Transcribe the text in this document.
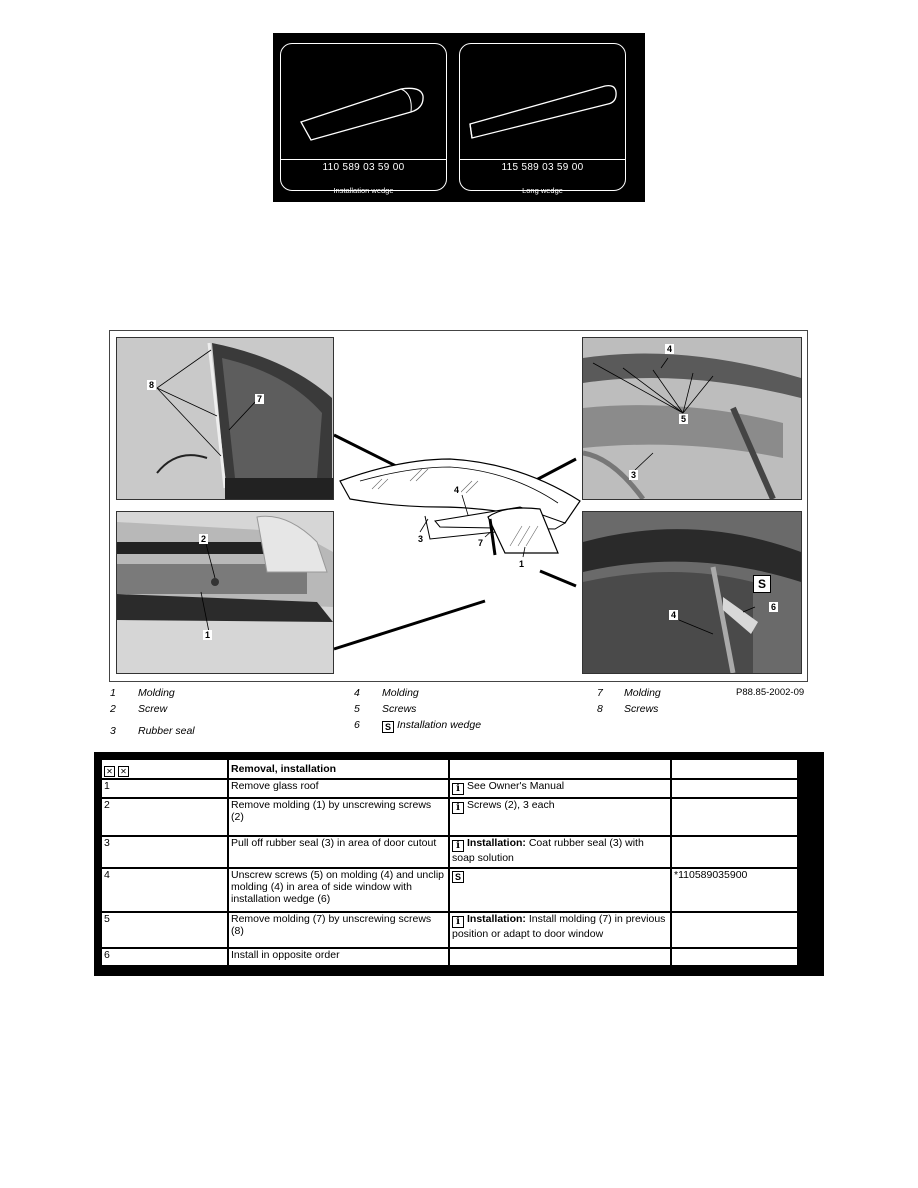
110 589 03 59 00
Installation wedge
115 589 03 59 00
Long wedge
4
3	7
1
8
7
2
1
4
5
3
S
4
6
1 Molding
2 Screw
3 Rubber seal
4 Molding
5 Screws
6	S Installation wedge
7 Molding
8 Screws
P88.85-2002-09
✕ ✕	Removal, installation		
1	Remove glass roof	i See Owner's Manual	
2	Remove molding (1) by unscrewing screws (2)	i Screws (2), 3 each	
3	Pull off rubber seal (3) in area of door cutout	i Installation: Coat rubber seal (3) with soap solution	
4	Unscrew screws (5) on molding (4) and unclip molding (4) in area of side window with installation wedge (6)	S	*110589035900
5	Remove molding (7) by unscrewing screws (8)	i Installation: Install molding (7) in previous position or adapt to door window	
6	Install in opposite order		
